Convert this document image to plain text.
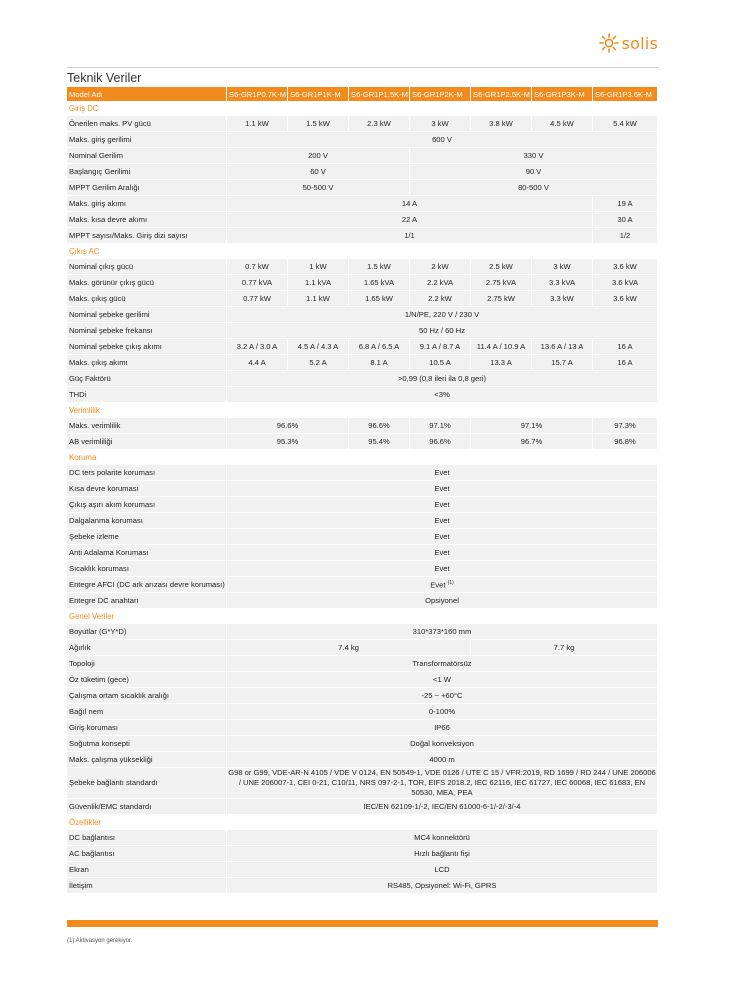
solis
Teknik Veriler
Model Adı	S6-GR1P0.7K-M	S6-GR1P1K-M	S6-GR1P1.5K-M	S6-GR1P2K-M	S6-GR1P2.5K-M	S6-GR1P3K-M	S6-GR1P3.6K-M
Giriş DC							
Önerilen maks. PV gücü	1.1 kW	1.5 kW	2.3 kW	3 kW	3.8 kW	4.5 kW	5.4 kW
Maks. giriş gerilimi	600 V						
Nominal Gerilim	200 V			330 V			
Başlangıç Gerilimi	60 V			90 V			
MPPT Gerilim Aralığı	50-500 V			80-500 V			
Maks. giriş akımı	14 A						19 A
Maks. kısa devre akımı	22 A						30 A
MPPT sayısı/Maks. Giriş dizi sayısı	1/1						1/2
Çıkış AC							
Nominal çıkış gücü	0.7 kW	1 kW	1.5 kW	2 kW	2.5 kW	3 kW	3.6 kW
Maks. görünür çıkış gücü	0.77 kVA	1.1 kVA	1.65 kVA	2.2 kVA	2.75 kVA	3.3 kVA	3.6 kVA
Maks. çıkış gücü	0.77 kW	1.1 kW	1.65 kW	2.2 kW	2.75 kW	3.3 kW	3.6 kW
Nominal şebeke gerilimi	1/N/PE, 220 V / 230 V						
Nominal şebeke frekansı	50 Hz / 60 Hz						
Nominal şebeke çıkış akımı	3.2 A / 3.0 A	4.5 A / 4.3 A	6.8 A / 6.5 A	9.1 A / 8.7 A	11.4 A / 10.9 A	13.6 A / 13 A	16 A
Maks. çıkış akımı	4.4 A	5.2 A	8.1 A	10.5 A	13.3 A	15.7 A	16 A
Güç Faktörü	>0,99 (0,8 ileri ila 0,8 geri)						
THDi	<3%						
Verimlilik							
Maks. verimlilik	96.6%		96.6%	97.1%	97.1%		97.3%
AB verimliliği	95.3%		95.4%	96.6%	96.7%		96.8%
Koruma							
DC ters polarite koruması	Evet						
Kısa devre koruması	Evet						
Çıkış aşırı akım koruması	Evet						
Dalgalanma koruması	Evet						
Şebeke izleme	Evet						
Anti Adalama Koruması	Evet						
Sıcaklık koruması	Evet						
Entegre AFCI (DC ark arızası devre koruması)	Evet $^{(1)}$
Entegre DC anahtarı	Opsiyonel						
Genel Veriler							
Boyutlar (G*Y*D)	310*373*160 mm						
Ağırlık	7.4 kg				7.7 kg		
Topoloji	Transformatörsüz						
Öz tüketim (gece)	<1 W						
Çalışma ortam sıcaklık aralığı	-25 ~ +60°C						
Bağıl nem	0-100%						
Giriş koruması	IP66						
Soğutma konsepti	Doğal konveksiyon						
Maks. çalışma yüksekliği	4000 m						
Şebeke bağlantı standardı	G98 or G99, VDE-AR-N 4105 / VDE V 0124, EN 50549-1, VDE 0126 / UTE C 15 / VFR:2019, RD 1699 / RD 244 / UNE 206006 / UNE 206007-1, CEI 0-21, C10/11, NRS 097-2-1, TOR, EIFS 2018.2, IEC 62116, IEC 61727, IEC 60068, IEC 61683, EN 50530, MEA, PEA						
Güvenlik/EMC standardı	IEC/EN 62109-1/-2, IEC/EN 61000-6-1/-2/-3/-4						
Özellikler							
DC bağlantısı	MC4 konnektörü						
AC bağlantısı	Hızlı bağlantı fişi						
Ekran	LCD						
İletişim	RS485, Opsiyonel: Wi-Fi, GPRS						
(1) Aktivasyon gerekiyor.
